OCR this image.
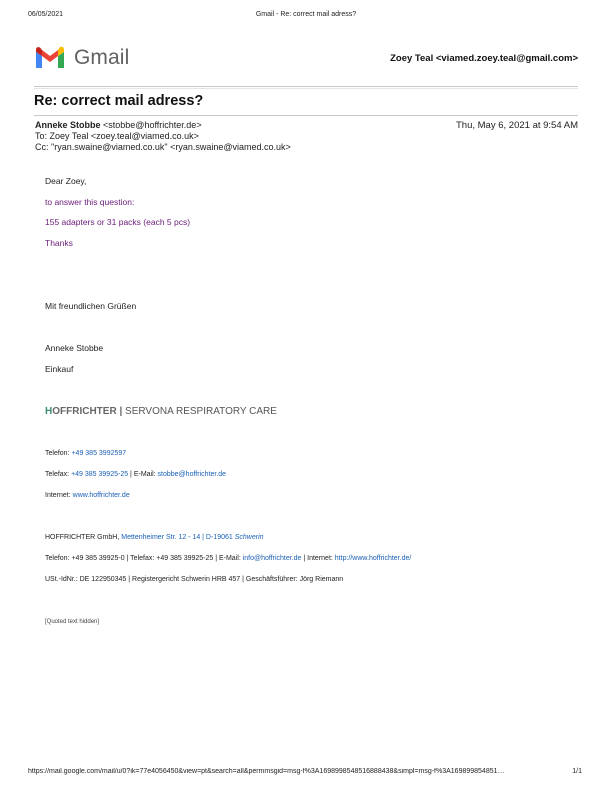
06/05/2021	Gmail - Re: correct mail adress?
Gmail	Zoey Teal <viamed.zoey.teal@gmail.com>
Re: correct mail adress?
Anneke Stobbe <stobbe@hoffrichter.de>	Thu, May 6, 2021 at 9:54 AM
To: Zoey Teal <zoey.teal@viamed.co.uk>
Cc: "ryan.swaine@viamed.co.uk" <ryan.swaine@viamed.co.uk>
Dear Zoey,
to answer this question:
155 adapters or 31 packs (each 5 pcs)
Thanks
Mit freundlichen Grüßen
Anneke Stobbe
Einkauf
HOFFRICHTER | SERVONA RESPIRATORY CARE
Telefon: +49 385 3992597
Telefax: +49 385 39925-25 | E-Mail: stobbe@hoffrichter.de
Internet: www.hoffrichter.de
HOFFRICHTER GmbH, Mettenheimer Str. 12 - 14 | D-19061 Schwerin
Telefon: +49 385 39925-0 | Telefax: +49 385 39925-25 | E-Mail: info@hoffrichter.de | Internet: http://www.hoffrichter.de/
USt.-IdNr.: DE 122950345 | Registergericht Schwerin HRB 457 | Geschäftsführer: Jörg Riemann
[Quoted text hidden]
https://mail.google.com/mail/u/0?ik=77e4056450&view=pt&search=all&permmsgid=msg-f%3A1698998548516888438&simpl=msg-f%3A169899854851…	1/1
